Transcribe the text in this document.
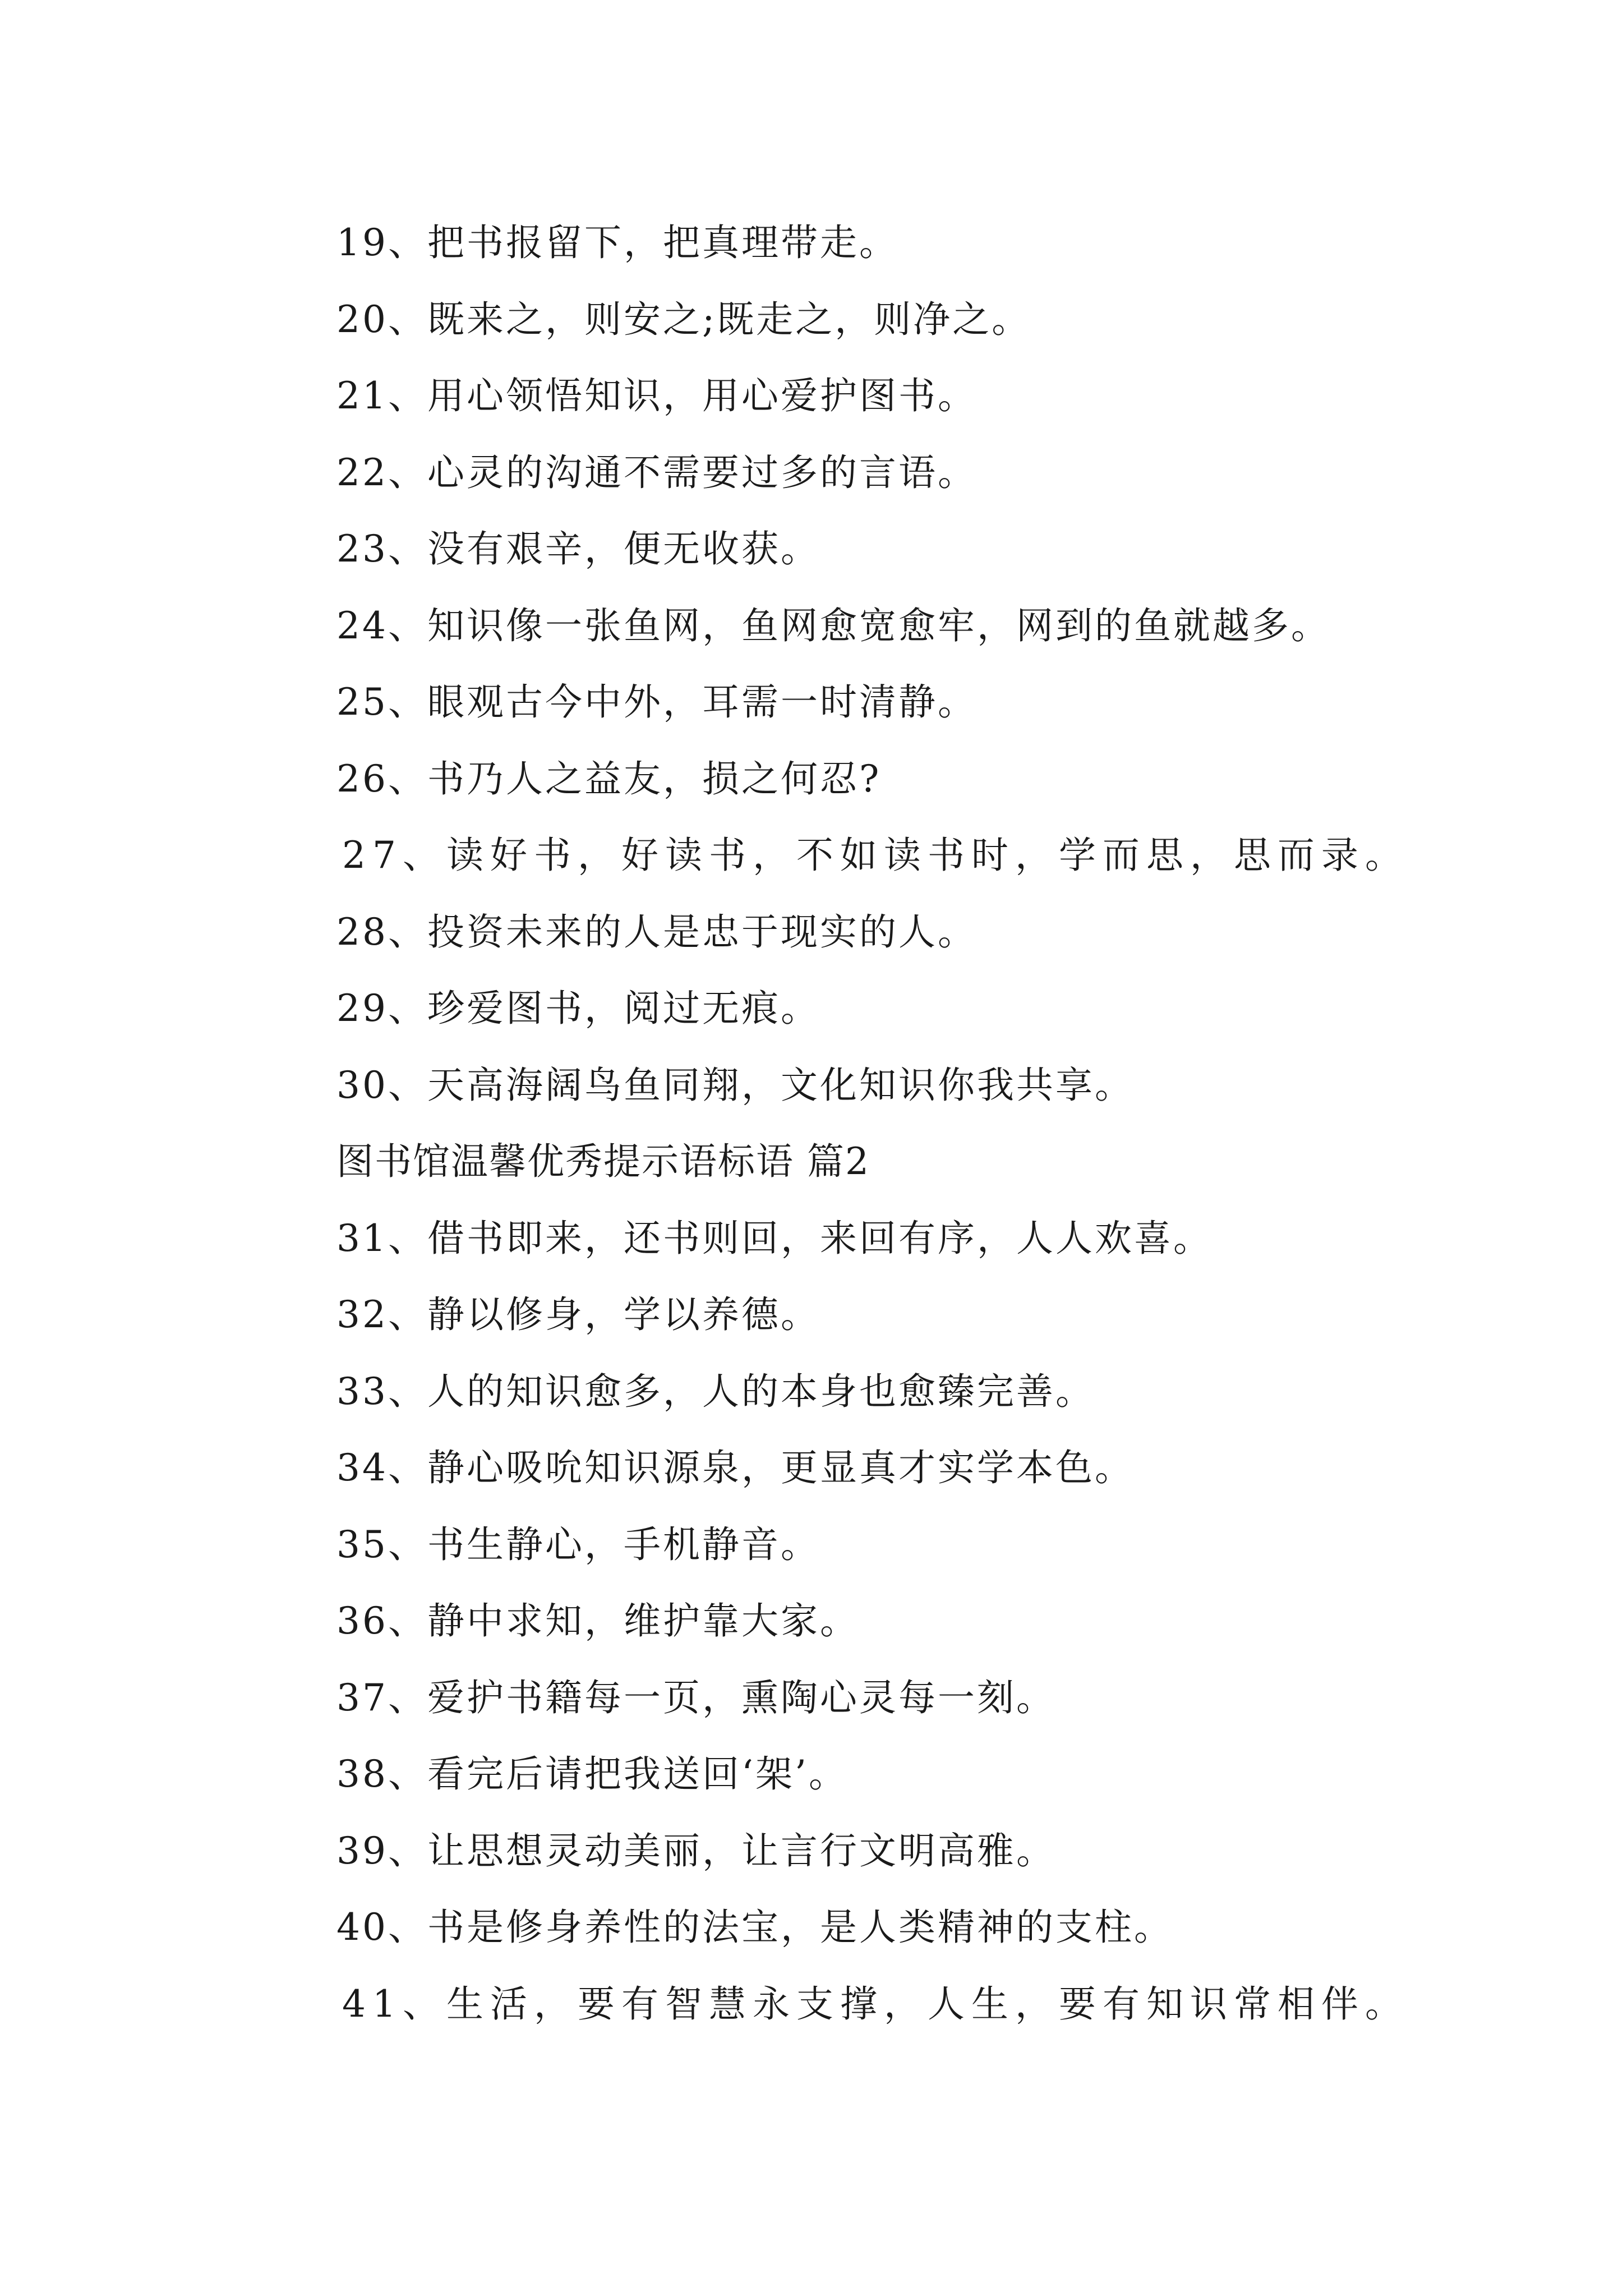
19、把书报留下，把真理带走。
20、既来之，则安之;既走之，则净之。
21、用心领悟知识，用心爱护图书。
22、心灵的沟通不需要过多的言语。
23、没有艰辛，便无收获。
24、知识像一张鱼网，鱼网愈宽愈牢，网到的鱼就越多。
25、眼观古今中外，耳需一时清静。
26、书乃人之益友，损之何忍?
27、读好书，好读书，不如读书时，学而思，思而录。
28、投资未来的人是忠于现实的人。
29、珍爱图书，阅过无痕。
30、天高海阔鸟鱼同翔，文化知识你我共享。
图书馆温馨优秀提示语标语 篇2
31、借书即来，还书则回，来回有序，人人欢喜。
32、静以修身，学以养德。
33、人的知识愈多，人的本身也愈臻完善。
34、静心吸吮知识源泉，更显真才实学本色。
35、书生静心，手机静音。
36、静中求知，维护靠大家。
37、爱护书籍每一页，熏陶心灵每一刻。
38、看完后请把我送回‘架’。
39、让思想灵动美丽，让言行文明高雅。
40、书是修身养性的法宝，是人类精神的支柱。
41、生活，要有智慧永支撑，人生，要有知识常相伴。
